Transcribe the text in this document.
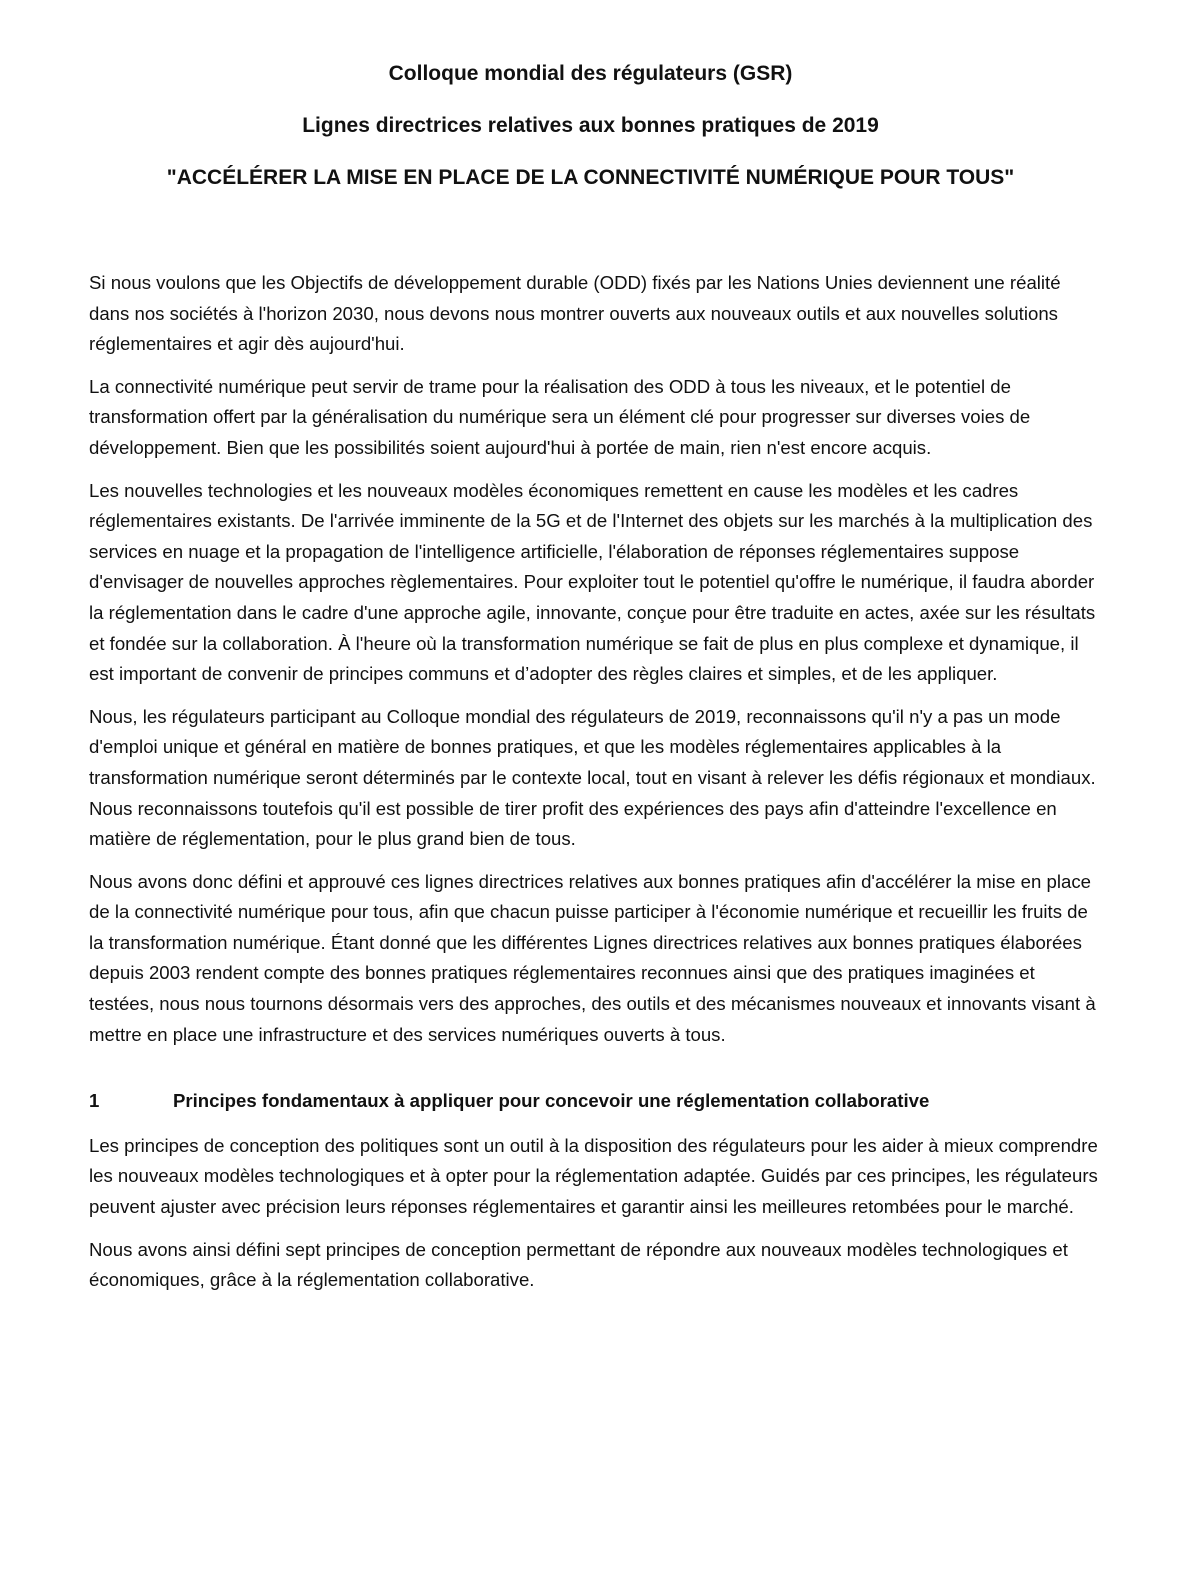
Colloque mondial des régulateurs (GSR)
Lignes directrices relatives aux bonnes pratiques de 2019
"ACCÉLÉRER LA MISE EN PLACE DE LA CONNECTIVITÉ NUMÉRIQUE POUR TOUS"

Si nous voulons que les Objectifs de développement durable (ODD) fixés par les Nations Unies deviennent une réalité dans nos sociétés à l'horizon 2030, nous devons nous montrer ouverts aux nouveaux outils et aux nouvelles solutions réglementaires et agir dès aujourd'hui.

La connectivité numérique peut servir de trame pour la réalisation des ODD à tous les niveaux, et le potentiel de transformation offert par la généralisation du numérique sera un élément clé pour progresser sur diverses voies de développement. Bien que les possibilités soient aujourd'hui à portée de main, rien n'est encore acquis.

Les nouvelles technologies et les nouveaux modèles économiques remettent en cause les modèles et les cadres réglementaires existants. De l'arrivée imminente de la 5G et de l'Internet des objets sur les marchés à la multiplication des services en nuage et la propagation de l'intelligence artificielle, l'élaboration de réponses réglementaires suppose d'envisager de nouvelles approches règlementaires. Pour exploiter tout le potentiel qu'offre le numérique, il faudra aborder la réglementation dans le cadre d'une approche agile, innovante, conçue pour être traduite en actes, axée sur les résultats et fondée sur la collaboration. À l'heure où la transformation numérique se fait de plus en plus complexe et dynamique, il est important de convenir de principes communs et d’adopter des règles claires et simples, et de les appliquer.

Nous, les régulateurs participant au Colloque mondial des régulateurs de 2019, reconnaissons qu'il n'y a pas un mode d'emploi unique et général en matière de bonnes pratiques, et que les modèles réglementaires applicables à la transformation numérique seront déterminés par le contexte local, tout en visant à relever les défis régionaux et mondiaux. Nous reconnaissons toutefois qu'il est possible de tirer profit des expériences des pays afin d'atteindre l'excellence en matière de réglementation, pour le plus grand bien de tous.

Nous avons donc défini et approuvé ces lignes directrices relatives aux bonnes pratiques afin d'accélérer la mise en place de la connectivité numérique pour tous, afin que chacun puisse participer à l'économie numérique et recueillir les fruits de la transformation numérique. Étant donné que les différentes Lignes directrices relatives aux bonnes pratiques élaborées depuis 2003 rendent compte des bonnes pratiques réglementaires reconnues ainsi que des pratiques imaginées et testées, nous nous tournons désormais vers des approches, des outils et des mécanismes nouveaux et innovants visant à mettre en place une infrastructure et des services numériques ouverts à tous.

1	Principes fondamentaux à appliquer pour concevoir une réglementation collaborative

Les principes de conception des politiques sont un outil à la disposition des régulateurs pour les aider à mieux comprendre les nouveaux modèles technologiques et à opter pour la réglementation adaptée. Guidés par ces principes, les régulateurs peuvent ajuster avec précision leurs réponses réglementaires et garantir ainsi les meilleures retombées pour le marché.

Nous avons ainsi défini sept principes de conception permettant de répondre aux nouveaux modèles technologiques et économiques, grâce à la réglementation collaborative.
